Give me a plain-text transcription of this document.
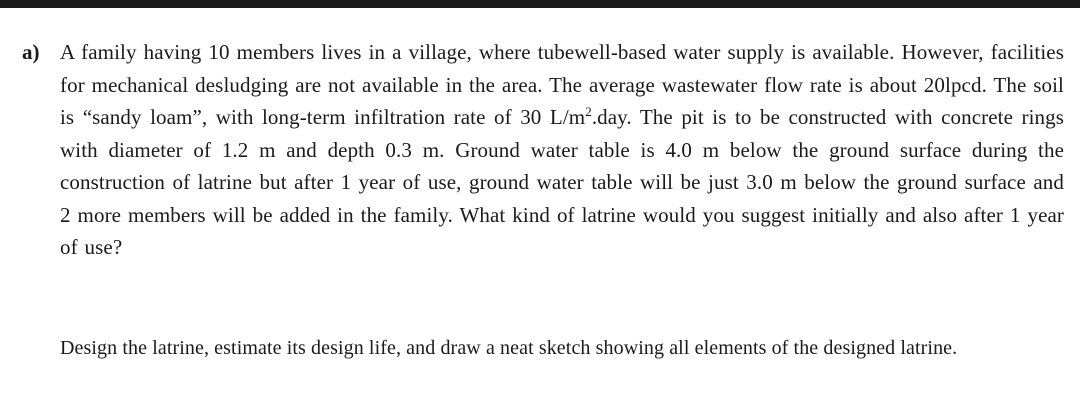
a) A family having 10 members lives in a village, where tubewell-based water supply is available. However, facilities for mechanical desludging are not available in the area. The average wastewater flow rate is about 20lpcd. The soil is “sandy loam”, with long-term infiltration rate of 30 $L/m^2.day$. The pit is to be constructed with concrete rings with diameter of 1.2 m and depth 0.3 m. Ground water table is 4.0 m below the ground surface during the construction of latrine but after 1 year of use, ground water table will be just 3.0 m below the ground surface and 2 more members will be added in the family. What kind of latrine would you suggest initially and also after 1 year of use?
Design the latrine, estimate its design life, and draw a neat sketch showing all elements of the designed latrine.
